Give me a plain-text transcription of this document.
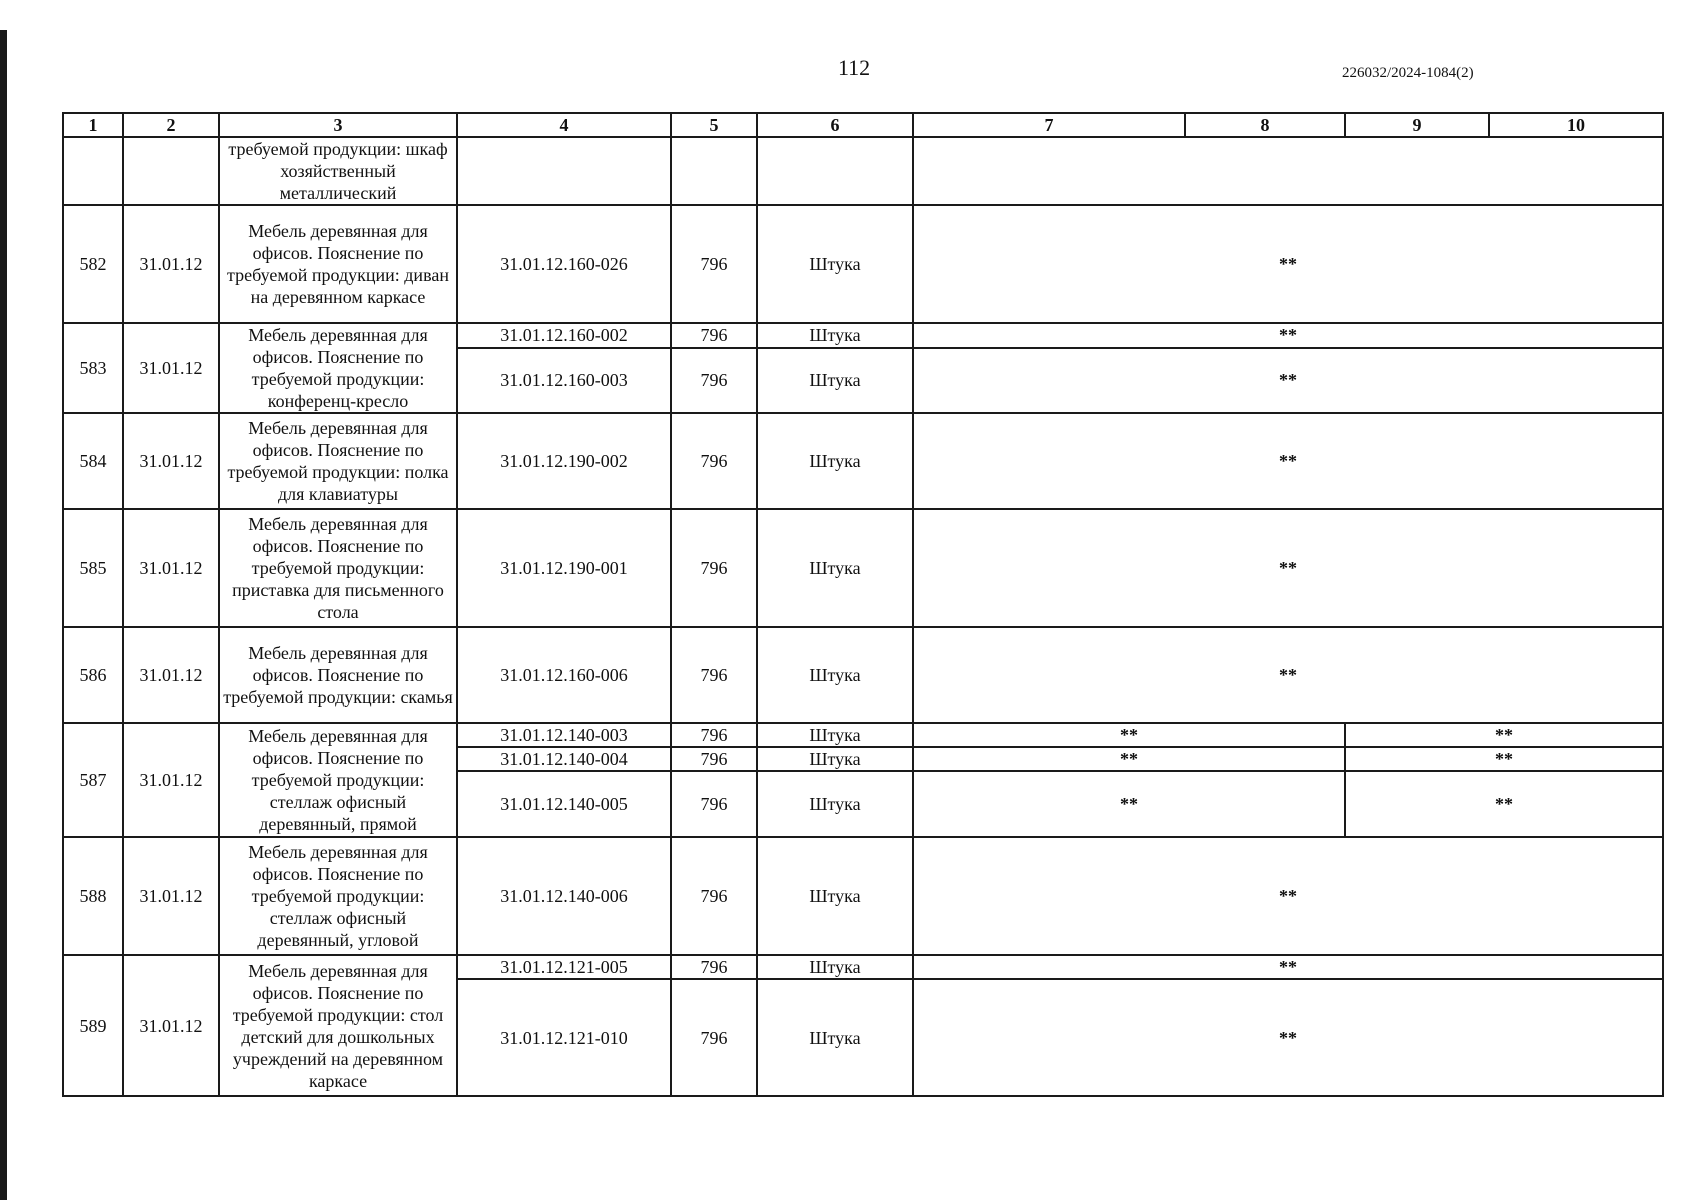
112	226032/2024-1084(2)
1	2	3	4	5	6	7	8	9	10
		требуемой продукции: шкаф хозяйственный металлический							
582	31.01.12	Мебель деревянная для офисов. Пояснение по требуемой продукции: диван на деревянном каркасе	31.01.12.160-026	796	Штука	**			
583	31.01.12	Мебель деревянная для офисов. Пояснение по требуемой продукции: конференц-кресло	31.01.12.160-002	796	Штука	**			
			31.01.12.160-003	796	Штука	**			
584	31.01.12	Мебель деревянная для офисов. Пояснение по требуемой продукции: полка для клавиатуры	31.01.12.190-002	796	Штука	**			
585	31.01.12	Мебель деревянная для офисов. Пояснение по требуемой продукции: приставка для письменного стола	31.01.12.190-001	796	Штука	**			
586	31.01.12	Мебель деревянная для офисов. Пояснение по требуемой продукции: скамья	31.01.12.160-006	796	Штука	**			
587	31.01.12	Мебель деревянная для офисов. Пояснение по требуемой продукции: стеллаж офисный деревянный, прямой	31.01.12.140-003	796	Штука	**		**	
			31.01.12.140-004	796	Штука	**		**	
			31.01.12.140-005	796	Штука	**		**	
588	31.01.12	Мебель деревянная для офисов. Пояснение по требуемой продукции: стеллаж офисный деревянный, угловой	31.01.12.140-006	796	Штука	**			
589	31.01.12	Мебель деревянная для офисов. Пояснение по требуемой продукции: стол детский для дошкольных учреждений на деревянном каркасе	31.01.12.121-005	796	Штука	**			
			31.01.12.121-010	796	Штука	**			
